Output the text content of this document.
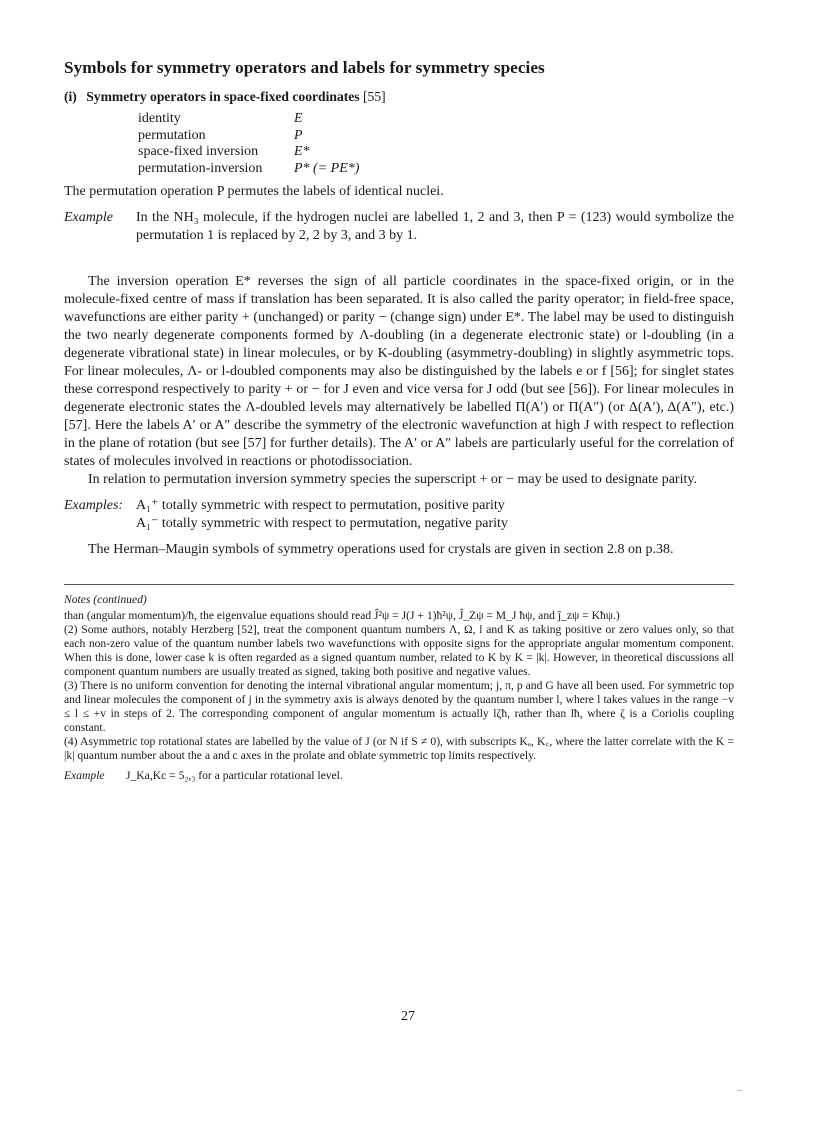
Symbols for symmetry operators and labels for symmetry species
(i) Symmetry operators in space-fixed coordinates [55]
identity	E
permutation	P
space-fixed inversion	E*
permutation-inversion	P* (= PE*)

The permutation operation P permutes the labels of identical nuclei.

Example	In the NH₃ molecule, if the hydrogen nuclei are labelled 1, 2 and 3, then P = (123) would symbolize the permutation 1 is replaced by 2, 2 by 3, and 3 by 1.

The inversion operation E* reverses the sign of all particle coordinates in the space-fixed origin, or in the molecule-fixed centre of mass if translation has been separated. It is also called the parity operator; in field-free space, wavefunctions are either parity + (unchanged) or parity − (change sign) under E*. The label may be used to distinguish the two nearly degenerate components formed by Λ-doubling (in a degenerate electronic state) or l-doubling (in a degenerate vibrational state) in linear molecules, or by K-doubling (asymmetry-doubling) in slightly asymmetric tops. For linear molecules, Λ- or l-doubled components may also be distinguished by the labels e or f [56]; for singlet states these correspond respectively to parity + or − for J even and vice versa for J odd (but see [56]). For linear molecules in degenerate electronic states the Λ-doubled levels may alternatively be labelled Π(A′) or Π(A″) (or Δ(A′), Δ(A″), etc.) [57]. Here the labels A′ or A″ describe the symmetry of the electronic wavefunction at high J with respect to reflection in the plane of rotation (but see [57] for further details). The A′ or A″ labels are particularly useful for the correlation of states of molecules involved in reactions or photodissociation.

In relation to permutation inversion symmetry species the superscript + or − may be used to designate parity.

Examples: A₁⁺ totally symmetric with respect to permutation, positive parity
A₁⁻ totally symmetric with respect to permutation, negative parity

The Herman–Maugin symbols of symmetry operations used for crystals are given in section 2.8 on p.38.

Notes (continued)

than (angular momentum)/ħ, the eigenvalue equations should read Ĵ²ψ = J(J + 1)ħ²ψ, Ĵ_Zψ = M_J ħψ, and ĵ_zψ = Kħψ.)

(2) Some authors, notably Herzberg [52], treat the component quantum numbers Λ, Ω, l and K as taking positive or zero values only, so that each non-zero value of the quantum number labels two wavefunctions with opposite signs for the appropriate angular momentum component. When this is done, lower case k is often regarded as a signed quantum number, related to K by K = |k|. However, in theoretical discussions all component quantum numbers are usually treated as signed, taking both positive and negative values.

(3) There is no uniform convention for denoting the internal vibrational angular momentum; j, π, p and G have all been used. For symmetric top and linear molecules the component of j in the symmetry axis is always denoted by the quantum number l, where l takes values in the range −v ≤ l ≤ +v in steps of 2. The corresponding component of angular momentum is actually lζħ, rather than lħ, where ζ is a Coriolis coupling constant.

(4) Asymmetric top rotational states are labelled by the value of J (or N if S ≠ 0), with subscripts Kₐ, K꜀, where the latter correlate with the K = |k| quantum number about the a and c axes in the prolate and oblate symmetric top limits respectively.

Example	J_Ka,Kc = 5₂,₃ for a particular rotational level.
27
